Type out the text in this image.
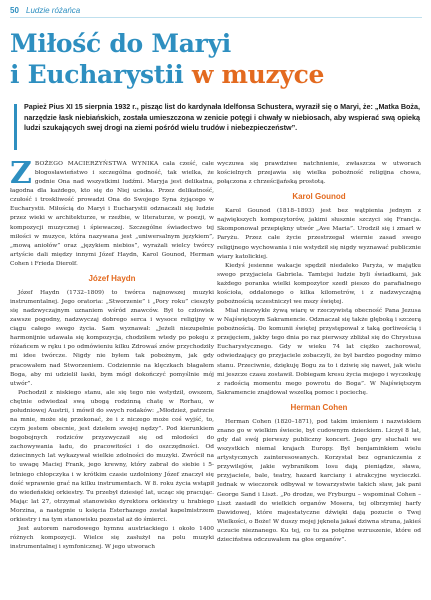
50 Ludzie różańca
Miłość do Maryi
i Eucharystii w muzyce

Papież Pius XI 15 sierpnia 1932 r., pisząc list do kardynała Idelfonsa Schustera, wyraził się o Maryi, że: „Matka Boża, narzędzie łask niebiańskich, została umieszczona w zenicie potęgi i chwały w niebiosach, aby wspierać swą opieką ludzi szukających swej drogi na ziemi pośród wielu trudów i niebezpieczeństw”.

ZBOŻEGO MACIERZYŃSTWA WYNIKA cała cześć, całe błogosławieństwo i szczególna godność, tak wielka, że godnie Ona nad wszystkimi ludźmi. Maryja jest delikatna, łagodna dla każdego, kto się do Niej ucieka. Przez delikatność, czułość i troskliwość prowadzi Ona do Swojego Syna żyjącego w Eucharystii. Miłością do Maryi i Eucharystii odznaczali się ludzie przez wieki w architekturze, w rzeźbie, w literaturze, w poezji, w kompozycji muzycznej i śpiewaczej. Szczególne świadectwo tej miłości w muzyce, która nazywana jest „uniwersalnym językiem”, „mową aniołów” oraz „językiem niebios”, wyrażali wielcy twórcy artyście dali między innymi Józef Haydn, Karol Gounod, Herman Cohen i Frieda Dierolf.

Józef Haydn

Józef Haydn (1732–1809) to twórca najnowszej muzyki instrumentalnej. Jego oratoria: „Stworzenie” i „Pory roku” cieszyły się nadzwyczajnym uznaniem wśród znawców. Był to człowiek zawsze pogodny, nadzwyczaj dobrego serca i wysoce religijny w ciągu całego swego życia. Sam wyznawał: „Jeżeli niezupełnie harmonijnie udawała się kompozycja, chodziłem wtedy po pokoju z różańcem w ręku i po odmówieniu kilku Zdrowaś znów przychodziły mi idee twórcze. Nigdy nie byłem tak pobożnym, jak gdy pracowałem nad Stworzeniem. Codziennie na klęczkach błagałem Boga, aby mi udzielił łaski, bym mógł dokończyć pomyślnie mój utwór”.

Pochodził z niskiego stanu, ale się tego nie wstydził, owszem, chętnie odwiedzał swą ubogą rodzinną chatę w Rorhau, w południowej Austrii, i mówił do swych rodaków: „Młodzież, patrzcie na mnie, może się przekonać, że i z niczego może coś wyjść, to, czym jestem obecnie, jest dziełem swojej nędzy”. Pod kierunkiem bogobojnych rodziców przyzwyczaił się od młodości do zachowywania ładu, do pracowitości i do oszczędności. Od dziecinnych lat wykazywał wielkie zdolności do muzyki. Zwrócił na to uwagę Maciej Frank, jego krewny, który zabrał do siebie i 5-letniego chłopczyka i w krótkim czasie uzdolniony Józef znaczył się dość wprawnie grać na kilku instrumentach. W 8. roku życia wstąpił do wiedeńskiej orkiestry. Tu przebył dziesięć lat, ucząc się pracując. Mając lat 27, otrzymał stanowisko dyrektora orkiestry u hrabiego Morzina, a następnie u księcia Esterhazego został kapelmistrzem orkiestry i na tym stanowisku pozostał aż do śmierci.

Jest autorem narodowego hymnu austriackiego i około 1400 różnych kompozycji. Wielce się zasłużył na polu muzyki instrumentalnej i symfonicznej. W jego utworach

wyczuwa się prawdziwe natchnienie, zwłaszcza w utworach kościelnych przejawia się wielka pobożność religijna chowa, połączona z chrześcijańską prostotą.

Karol Gounod

Karol Gounod (1818–1893) jest bez wątpienia jednym z największych kompozytorów, jakimi słusznie szczyci się Francja. Skomponował przepiękny utwór „Ave Maria”. Urodził się i zmarł w Paryżu. Przez całe życie przestrzegał wiernie zasad swego religijnego wychowania i nie wstydził się nigdy wyznawać publicznie wiary katolickiej.

Kiedyś jesienne wakacje spędził niedaleko Paryża, w majątku swego przyjaciela Gabriela. Tamtejsi ludzie byli świadkami, jak każdego poranka wielki kompozytor szedł pieszo do parafialnego kościoła, oddalonego o kilka kilometrów, i z nadzwyczajną pobożnością uczestniczył we mszy świętej.

Miał niezwykłe żywą wiarę w rzeczywistą obecność Pana Jezusa w Najświętszym Sakramencie. Odznaczał się także głęboką i szczerą pobożnością. Do komunii świętej przystępował z taką gorliwością i przejęciem, jakby tego dnia po raz pierwszy zbliżał się do Chrystusa Eucharystycznego. Gdy w wieku 74 lat ciężko zachorował, odwiedzający go przyjaciele zobaczyli, że był bardzo pogodny mimo stanu. Przeciwnie, dziękuję Bogu za to i dziwię się nawet, jak wielu mi jeszcze czasu zostawił. Dobiegam kresu życia mojego i wyczekuję z radością momentu mego powrotu do Boga”. W Najświętszym Sakramencie znajdował wszelką pomoc i pociechę.

Herman Cohen

Herman Cohen (1820–1871), pod takim imieniem i nazwiskiem znano go w wielkim świecie, był cudownym dzieckiem. Liczył 8 lat, gdy dał swój pierwszy publiczny koncert. Jego gry słuchali we wszystkich niemal krajach Europy. Był benjaminkiem wielu artystycznych zainteresowanych. Korzystał bez ograniczenia z przywilejów, jakie wybranikom losu dają pieniądze, sława, przyjaciele, bale, teatry, hazard karciany i atrakcyjne wycieczki. Jednak w wieczorek odbywał w towarzystwie takich sław, jak pani George Sand i Liszt. „Po drodze, we Fryburgu – wspominał Cohen – Liszt zasiadł do wielkich organów Mosera, tej olbrzymiej harfy Dawidowej, które majestatyczne dźwięki dają pozucie o Twej Wielkości, o Boże! W duszy mojej jękneła jakaś dziwna struna, jakieś uczucie nieznanego. Ku tej, co tu za potężne wzruszenie, które od dzieciństwa odczuwałem na głos organów”.
